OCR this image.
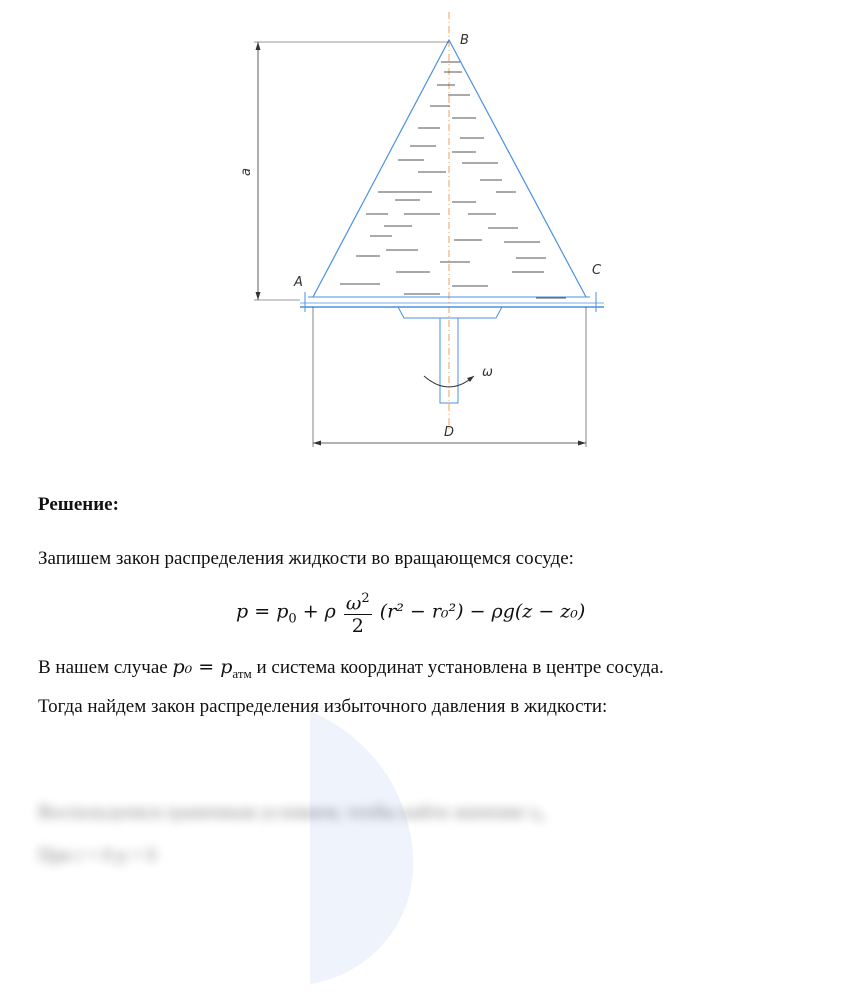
B
A
C
a
ω
D
Решение:
Запишем закон распределения жидкости во вращающемся сосуде:
$p = p_0 + \rho \frac{\omega^2}{2} (r^2 - r_0^2) - \rho g(z - z_0)$
В нашем случае $p_0 = p_{атм}$ и система координат установлена в центре сосуда.
Тогда найдем закон распределения избыточного давления в жидкости:
Воспользуемся граничным условием, чтобы найти значение z₀
При r = 0 p = 0
